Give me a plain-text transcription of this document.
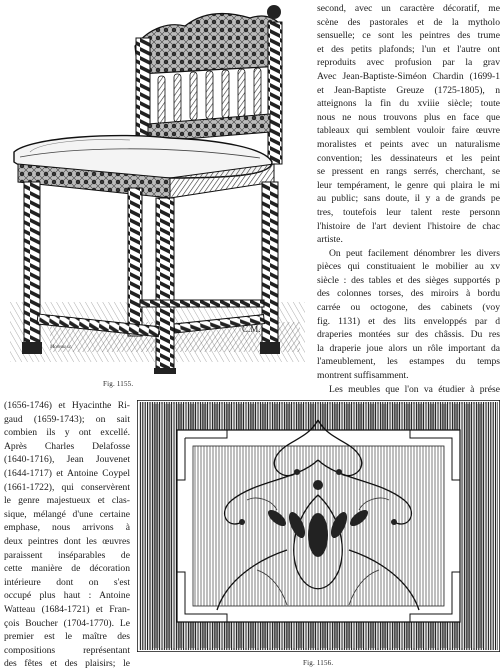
Moreau sc.
C.M.
Fig. 1155.
second, avec un caractère décoratif, me
scène des pastorales et de la mytholo
sensuelle; ce sont les peintres des trume
et des petits plafonds; l'un et l'autre ont
reproduits avec profusion par la grav
Avec Jean-Baptiste-Siméon Chardin (1699-1
et Jean-Baptiste Greuze (1725-1805), n
atteignons la fin du xviiie siècle; toute
nous ne nous trouvons plus en face que
tableaux qui semblent vouloir faire œuvre
moralistes et peints avec un naturalisme
convention; les dessinateurs et les peint
se pressent en rangs serrés, cherchant, se
leur tempérament, le genre qui plaira le mi
au public; sans doute, il y a de grands pe
tres, toutefois leur talent reste personn
l'histoire de l'art devient l'histoire de chac
artiste.
On peut facilement dénombrer les divers
pièces qui constituaient le mobilier au xv
siècle : des tables et des sièges supportés p
des colonnes torses, des miroirs à bordu
carrée ou octogone, des cabinets (voy
fig. 1131) et des lits enveloppés par d
draperies montées sur des châssis. Du res
la draperie joue alors un rôle important da
l'ameublement, les estampes du temps
montrent suffisamment.
Les meubles que l'on va étudier à prése
(1656-1746) et Hyacinthe Ri-
gaud (1659-1743); on sait
combien ils y ont excellé.
Après Charles Delafosse
(1640-1716), Jean Jouvenet
(1644-1717) et Antoine Coypel
(1661-1722), qui conservèrent
le genre majestueux et clas-
sique, mélangé d'une certaine
emphase, nous arrivons à
deux peintres dont les œuvres
paraissent inséparables de
cette manière de décoration
intérieure dont on s'est
occupé plus haut : Antoine
Watteau (1684-1721) et Fran-
çois Boucher (1704-1770). Le
premier est le maître des
compositions représentant
des fêtes et des plaisirs; le	Fig. 1156.
